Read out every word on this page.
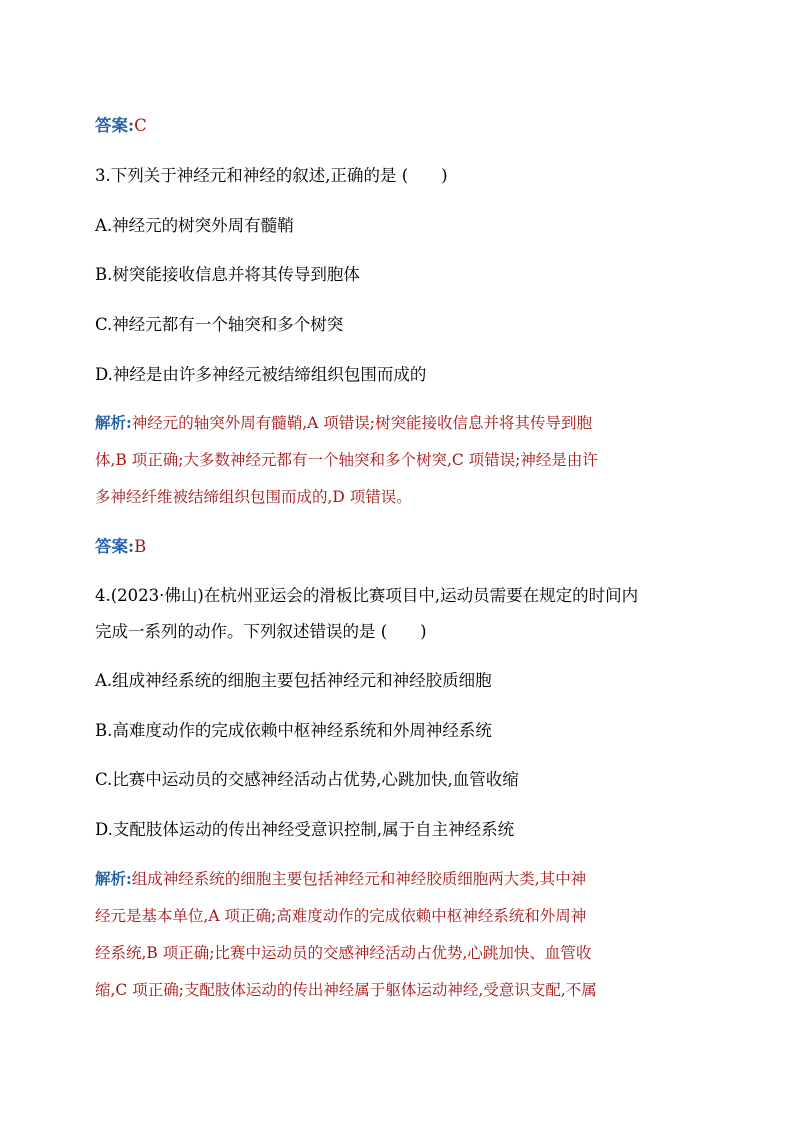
答案:C
3.下列关于神经元和神经的叙述,正确的是 (　　)
A.神经元的树突外周有髓鞘
B.树突能接收信息并将其传导到胞体
C.神经元都有一个轴突和多个树突
D.神经是由许多神经元被结缔组织包围而成的
解析:神经元的轴突外周有髓鞘,A 项错误;树突能接收信息并将其传导到胞
体,B 项正确;大多数神经元都有一个轴突和多个树突,C 项错误;神经是由许
多神经纤维被结缔组织包围而成的,D 项错误。
答案:B
4.(2023·佛山)在杭州亚运会的滑板比赛项目中,运动员需要在规定的时间内
完成一系列的动作。下列叙述错误的是 (　　)
A.组成神经系统的细胞主要包括神经元和神经胶质细胞
B.高难度动作的完成依赖中枢神经系统和外周神经系统
C.比赛中运动员的交感神经活动占优势,心跳加快,血管收缩
D.支配肢体运动的传出神经受意识控制,属于自主神经系统
解析:组成神经系统的细胞主要包括神经元和神经胶质细胞两大类,其中神
经元是基本单位,A 项正确;高难度动作的完成依赖中枢神经系统和外周神
经系统,B 项正确;比赛中运动员的交感神经活动占优势,心跳加快、血管收
缩,C 项正确;支配肢体运动的传出神经属于躯体运动神经,受意识支配,不属
